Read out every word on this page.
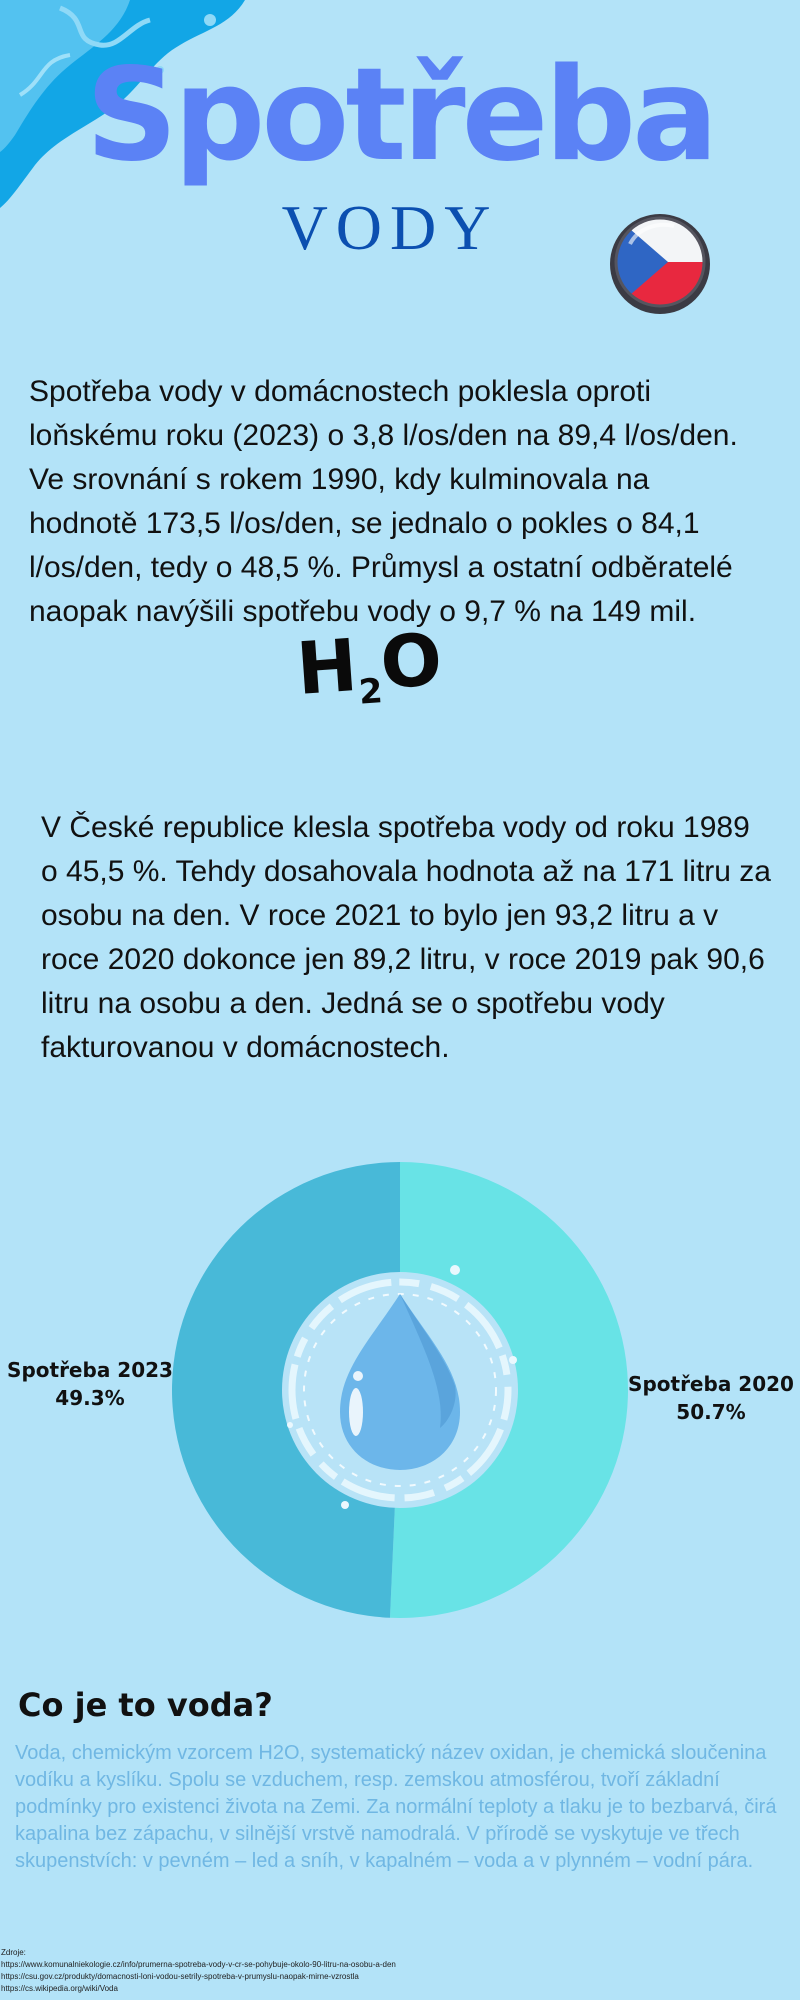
Spotřeba
VODY

Spotřeba vody v domácnostech poklesla oproti loňskému roku (2023) o 3,8 l/os/den na 89,4 l/os/den. Ve srovnání s rokem 1990, kdy kulminovala na hodnotě 173,5 l/os/den, se jednalo o pokles o 84,1 l/os/den, tedy o 48,5 %. Průmysl a ostatní odběratelé naopak navýšili spotřebu vody o 9,7 % na 149 mil.

$H_2O$

V České republice klesla spotřeba vody od roku 1989 o 45,5 %. Tehdy dosahovala hodnota až na 171 litru za osobu na den. V roce 2021 to bylo jen 93,2 litru a v roce 2020 dokonce jen 89,2 litru, v roce 2019 pak 90,6 litru na osobu a den. Jedná se o spotřebu vody fakturovanou v domácnostech.

Spotřeba 2023
49.3%
Spotřeba 2020
50.7%
Co je to voda?

Voda, chemickým vzorcem H2O, systematický název oxidan, je chemická sloučenina vodíku a kyslíku. Spolu se vzduchem, resp. zemskou atmosférou, tvoří základní podmínky pro existenci života na Zemi. Za normální teploty a tlaku je to bezbarvá, čirá kapalina bez zápachu, v silnější vrstvě namodralá. V přírodě se vyskytuje ve třech skupenstvích: v pevném – led a sníh, v kapalném – voda a v plynném – vodní pára.

Zdroje:
https://www.komunalniekologie.cz/info/prumerna-spotreba-vody-v-cr-se-pohybuje-okolo-90-litru-na-osobu-a-den
https://csu.gov.cz/produkty/domacnosti-loni-vodou-setrily-spotreba-v-prumyslu-naopak-mirne-vzrostla
https://cs.wikipedia.org/wiki/Voda
